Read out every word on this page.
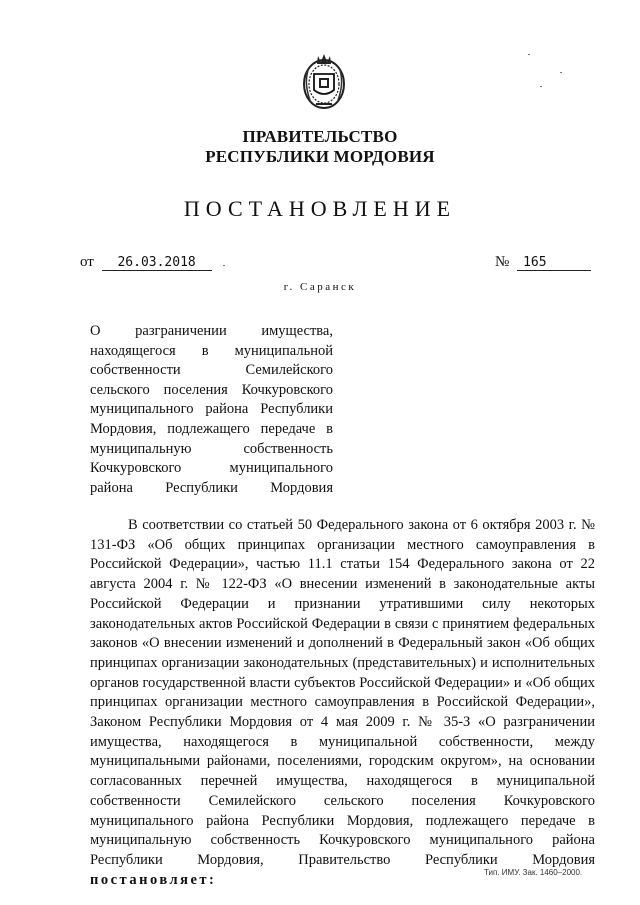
ПРАВИТЕЛЬСТВО
РЕСПУБЛИКИ МОРДОВИЯ
ПОСТАНОВЛЕНИЕ
от 26.03.2018	№ 165
г. Саранск
О разграничении имущества, находящегося в муниципальной собственности Семилейского сельского поселения Кочкуровского муниципального района Республики Мордовия, подлежащего передаче в муниципальную собственность Кочкуровского муниципального района Республики Мордовия
В соответствии со статьей 50 Федерального закона от 6 октября 2003 г. № 131-ФЗ «Об общих принципах организации местного самоуправления в Российской Федерации», частью 11.1 статьи 154 Федерального закона от 22 августа 2004 г. № 122-ФЗ «О внесении изменений в законодательные акты Российской Федерации и признании утратившими силу некоторых законодательных актов Российской Федерации в связи с принятием федеральных законов «О внесении изменений и дополнений в Федеральный закон «Об общих принципах организации законодательных (представительных) и исполнительных органов государственной власти субъектов Российской Федерации» и «Об общих принципах организации местного самоуправления в Российской Федерации», Законом Республики Мордовия от 4 мая 2009 г. № 35-З «О разграничении имущества, находящегося в муниципальной собственности, между муниципальными районами, поселениями, городским округом», на основании согласованных перечней имущества, находящегося в муниципальной собственности Семилейского сельского поселения Кочкуровского муниципального района Республики Мордовия, подлежащего передаче в муниципальную собственность Кочкуровского муниципального района Республики Мордовия, Правительство Республики Мордовия постановляет:	Тип. ИМУ. Зак. 1460–2000.
